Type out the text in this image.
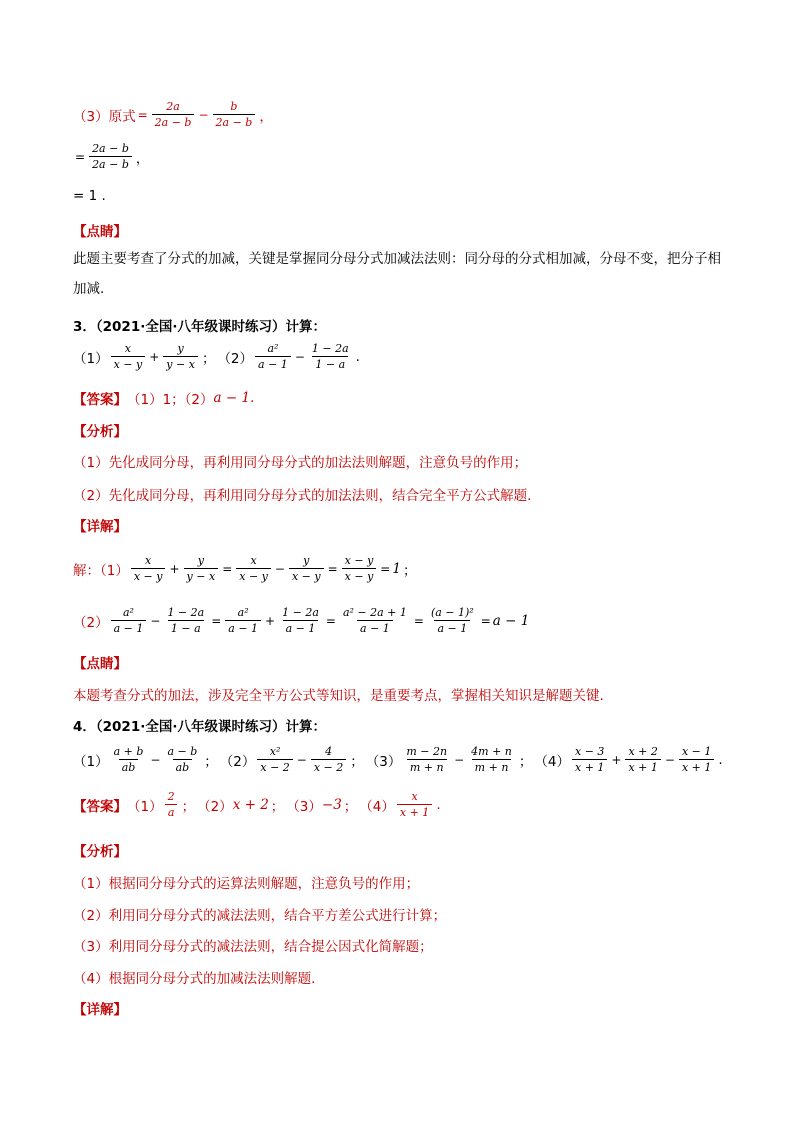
（3）原式 = $\frac{2a}{2a - b} - \frac{b}{2a - b}$ ，
= $\frac{2a - b}{2a - b}$ ，
= 1 .
【点睛】
此题主要考查了分式的加减，关键是掌握同分母分式加减法法则：同分母的分式相加减，分母不变，把分子相加减.
3．（2021·全国·八年级课时练习）计算：
$(1) \frac{x}{x - y} + \frac{y}{y - x}$ ； $(2) \frac{\text{a²}}{a - 1} - \frac{1 - 2a}{1 - a}$ .
【答案】 （1）1；（2） a − 1 .
【分析】
（1）先化成同分母，再利用同分母分式的加法法则解题，注意负号的作用；
（2）先化成同分母，再利用同分母分式的加法法则，结合完全平方公式解题.
【详解】
解：$(1) \frac{x}{x - y} + \frac{y}{y - x} = \frac{x}{x - y} - \frac{y}{x - y} = \frac{x - y}{x - y} = 1$ ；
$(2) \frac{\text{a²}}{a - 1} - \frac{1 - 2a}{1 - a} = \frac{\text{a²}}{a - 1} + \frac{1 - 2a}{a - 1} = \frac{\text{a² − 2a + 1}}{a - 1} = \frac{\text{(a − 1)²}}{a - 1} = a - 1$
【点睛】
本题考查分式的加法，涉及完全平方公式等知识，是重要考点，掌握相关知识是解题关键.
4．（2021·全国·八年级课时练习）计算：
$(1) \frac{a + b}{ab} - \frac{a - b}{ab}$ ； $(2) \frac{\text{x²}}{x - 2} - \frac{4}{x - 2}$ ； $(3) \frac{m - 2n}{m + n} - \frac{4m + n}{m + n}$ ； $(4) \frac{x - 3}{x + 1} + \frac{x + 2}{x + 1} - \frac{x - 1}{x + 1}$ .
【答案】 $(1) \frac{2}{a}$ ； （2） x + 2 ； （3） −3 ； $(4) \frac{x}{x + 1}$ .
【分析】
（1）根据同分母分式的运算法则解题，注意负号的作用；
（2）利用同分母分式的减法法则，结合平方差公式进行计算；
（3）利用同分母分式的减法法则，结合提公因式化简解题；
（4）根据同分母分式的加减法法则解题.
【详解】
